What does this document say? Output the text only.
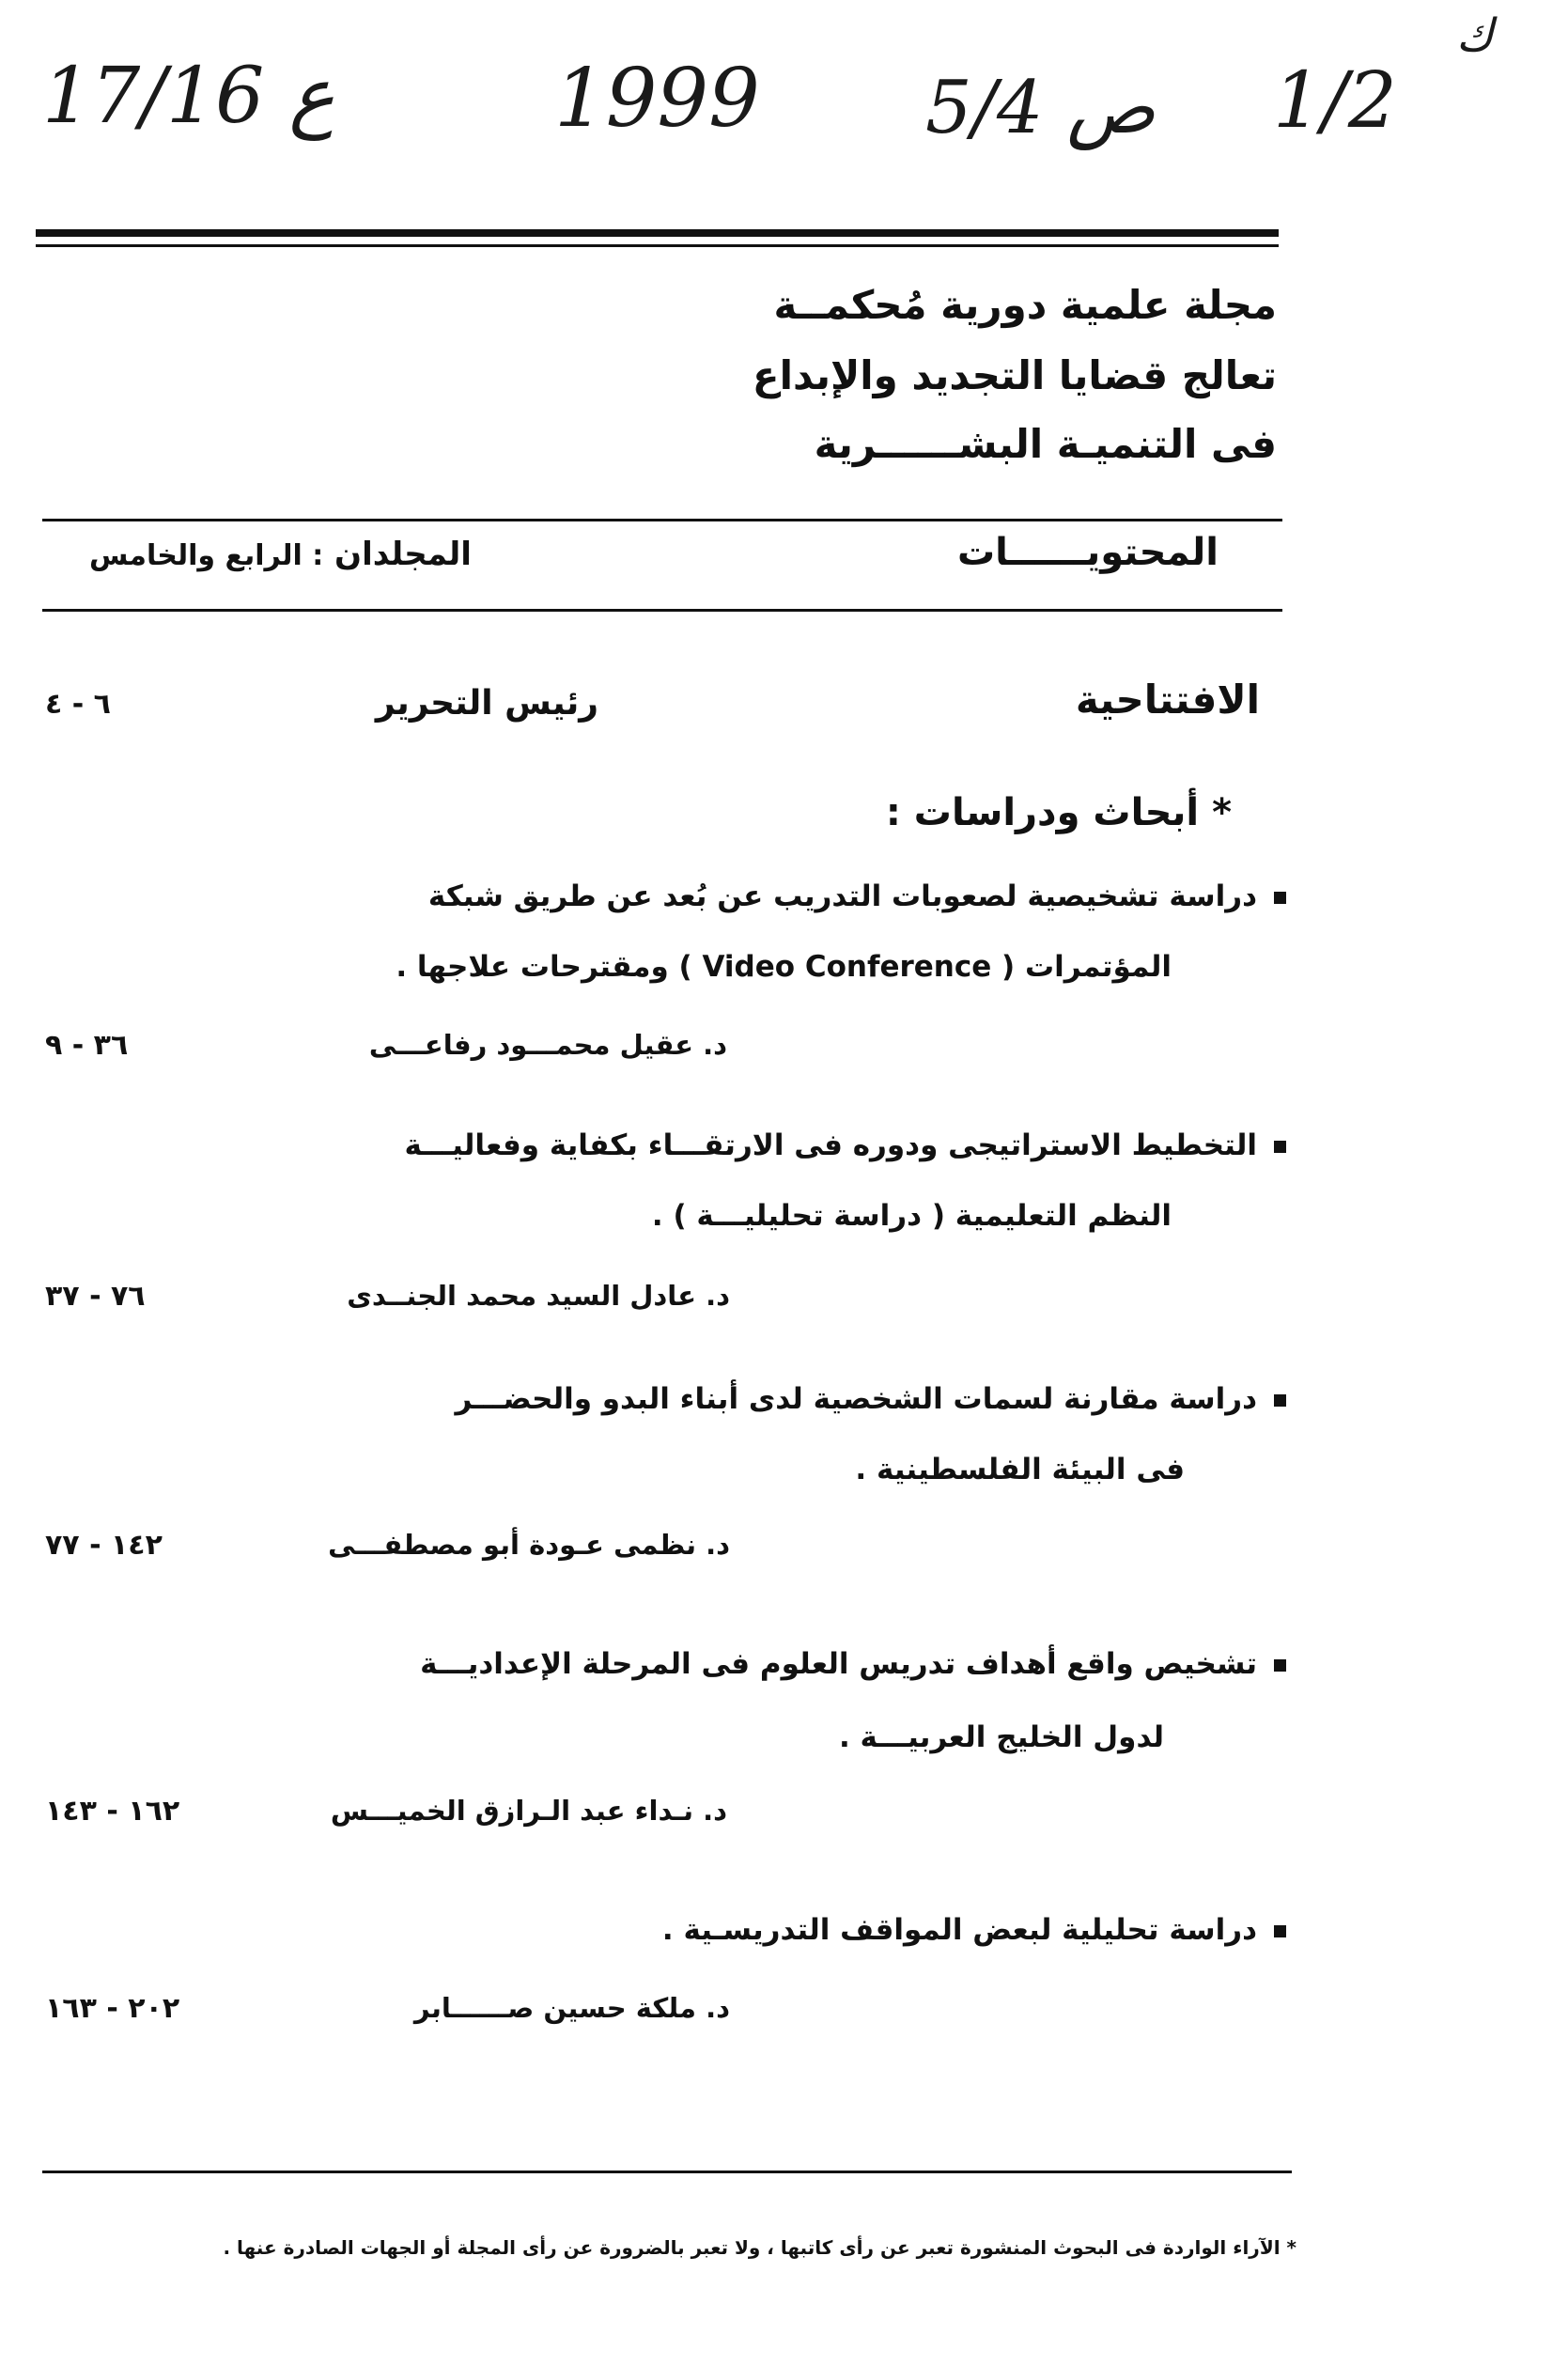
17/16 ع	1999 5/4 ص 1/2
ك
مجلة علمية دورية مُحكمــة
تعالج قضايا التجديد والإبداع
فى التنميـة البشــــــرية
المحتويــــــات
المجلدان : الرابع والخامس
الافتتاحية
رئيس التحرير
٦ - ٤
* أبحاث ودراسات :
دراسة تشخيصية لصعوبات التدريب عن بُعد عن طريق شبكة
المؤتمرات ( Video Conference ) ومقترحات علاجها .
د. عقيل محمـــود رفاعـــى
٣٦ - ٩
التخطيط الاستراتيجى ودوره فى الارتقـــاء بكفاية وفعاليـــة
النظم التعليمية ( دراسة تحليليـــة ) .
د. عادل السيد محمد الجنــدى
٧٦ - ٣٧
دراسة مقارنة لسمات الشخصية لدى أبناء البدو والحضـــر
فى البيئة الفلسطينية .
د. نظمى عـودة أبو مصطفـــى
١٤٢ - ٧٧
تشخيص واقع أهداف تدريس العلوم فى المرحلة الإعداديـــة
لدول الخليج العربيـــة .
د. نـداء عبد الـرازق الخميـــس
١٦٢ - ١٤٣
دراسة تحليلية لبعض المواقف التدريسـية .
د. ملكة حسين صــــــابر
٢٠٢ - ١٦٣
* الآراء الواردة فى البحوث المنشورة تعبر عن رأى كاتبها ، ولا تعبر بالضرورة عن رأى المجلة أو الجهات الصادرة عنها .
